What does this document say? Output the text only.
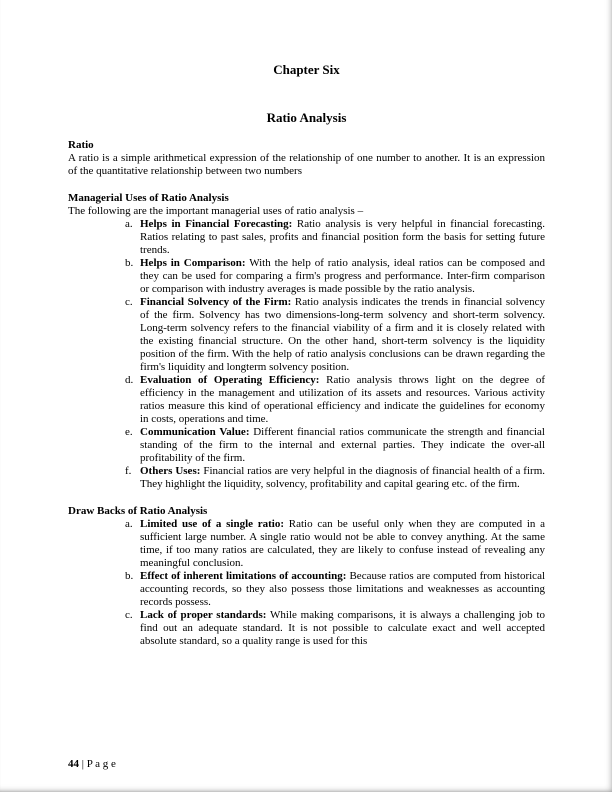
Chapter Six
Ratio Analysis
Ratio

A ratio is a simple arithmetical expression of the relationship of one number to another. It is an expression of the quantitative relationship between two numbers

Managerial Uses of Ratio Analysis

The following are the important managerial uses of ratio analysis –

a. Helps in Financial Forecasting: Ratio analysis is very helpful in financial forecasting. Ratios relating to past sales, profits and financial position form the basis for setting future trends.
b. Helps in Comparison: With the help of ratio analysis, ideal ratios can be composed and they can be used for comparing a firm's progress and performance. Inter-firm comparison or comparison with industry averages is made possible by the ratio analysis.
c. Financial Solvency of the Firm: Ratio analysis indicates the trends in financial solvency of the firm. Solvency has two dimensions-long-term solvency and short-term solvency. Long-term solvency refers to the financial viability of a firm and it is closely related with the existing financial structure. On the other hand, short-term solvency is the liquidity position of the firm. With the help of ratio analysis conclusions can be drawn regarding the firm's liquidity and longterm solvency position.
d. Evaluation of Operating Efficiency: Ratio analysis throws light on the degree of efficiency in the management and utilization of its assets and resources. Various activity ratios measure this kind of operational efficiency and indicate the guidelines for economy in costs, operations and time.
e. Communication Value: Different financial ratios communicate the strength and financial standing of the firm to the internal and external parties. They indicate the over-all profitability of the firm.
f. Others Uses: Financial ratios are very helpful in the diagnosis of financial health of a firm. They highlight the liquidity, solvency, profitability and capital gearing etc. of the firm.
Draw Backs of Ratio Analysis
a. Limited use of a single ratio: Ratio can be useful only when they are computed in a sufficient large number. A single ratio would not be able to convey anything. At the same time, if too many ratios are calculated, they are likely to confuse instead of revealing any meaningful conclusion.
b. Effect of inherent limitations of accounting: Because ratios are computed from historical accounting records, so they also possess those limitations and weaknesses as accounting records possess.
c. Lack of proper standards: While making comparisons, it is always a challenging job to find out an adequate standard. It is not possible to calculate exact and well accepted absolute standard, so a quality range is used for this
44 | P a g e
